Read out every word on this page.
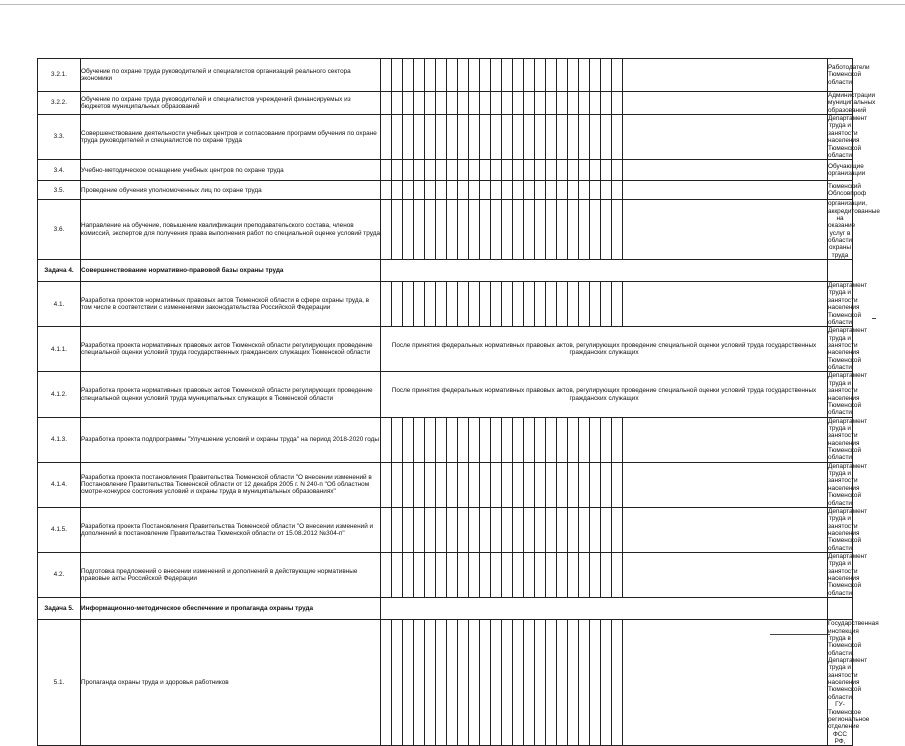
3.2.1.	Обучение по охране труда руководителей и специалистов организаций реального сектора экономики																								Работодатели Тюменской области
3.2.2.	Обучение по охране труда руководителей и специалистов учреждений финансируемых из бюджетов муниципальных образований																								Администрации муниципальных образований
3.3.	Совершенствование деятельности учебных центров и согласование программ обучения по охране труда руководителей и специалистов по охране труда																								Департамент труда и занятости населения Тюменской области
3.4.	Учебно-методическое оснащение учебных центров по охране труда																								Обучающие организации
3.5.	Проведение обучения уполномоченных лиц по охране труда																								Тюменский Облсовпроф
3.6.	Направление на обучение, повышение квалификации преподавательского состава, членов комиссий, экспертов для получения права выполнения работ по специальной оценке условий труда																								организации, аккредитованные на оказание услуг в области охраны труда
Задача 4.	Совершенствование нормативно-правовой базы охраны труда																								
4.1.	Разработка проектов нормативных правовых актов Тюменской области в сфере охраны труда, в том числе в соответствии с изменениями законодательства Российской Федерации																								Департамент труда и занятости населения Тюменской области
4.1.1.	Разработка проекта нормативных правовых актов Тюменской области регулирующих проведение специальной оценки условий труда государственных гражданских служащих Тюменской области	После принятия федеральных нормативных правовых актов, регулирующих проведение специальной оценки условий труда государственных гражданских служащих																							Департамент труда и занятости населения Тюменской области
4.1.2.	Разработка проекта нормативных правовых актов Тюменской области регулирующих проведение специальной оценки условий труда муниципальных служащих в Тюменской области	После принятия федеральных нормативных правовых актов, регулирующих проведение специальной оценки условий труда государственных гражданских служащих																							Департамент труда и занятости населения Тюменской области
4.1.3.	Разработка проекта подпрограммы "Улучшение условий и охраны труда" на период 2018-2020 годы																								Департамент труда и занятости населения Тюменской области
4.1.4.	Разработка проекта постановления Правительства Тюменской области "О внесении изменений в Постановление Правительства Тюменской области от 12 декабря 2005 г. N 240-п "Об областном смотре-конкурсе состояния условий и охраны труда в муниципальных образованиях"																								Департамент труда и занятости населения Тюменской области
4.1.5.	Разработка проекта Постановления Правительства Тюменской области "О внесении изменений и дополнений в постановление Правительства Тюменской области от 15.08.2012 №304-п"																								Департамент труда и занятости населения Тюменской области
4.2.	Подготовка предложений о внесении изменений и дополнений в действующие нормативные правовые акты Российской Федерации																								Департамент труда и занятости населения Тюменской области
Задача 5.	Информационно-методическое обеспечение и пропаганда охраны труда																								
5.1.	Пропаганда охраны труда и здоровья работников																								Государственная инспекция труда в Тюменской области, Департамент труда и занятости населения Тюменской области, ГУ- Тюменское региональное отделение ФСС РФ,
